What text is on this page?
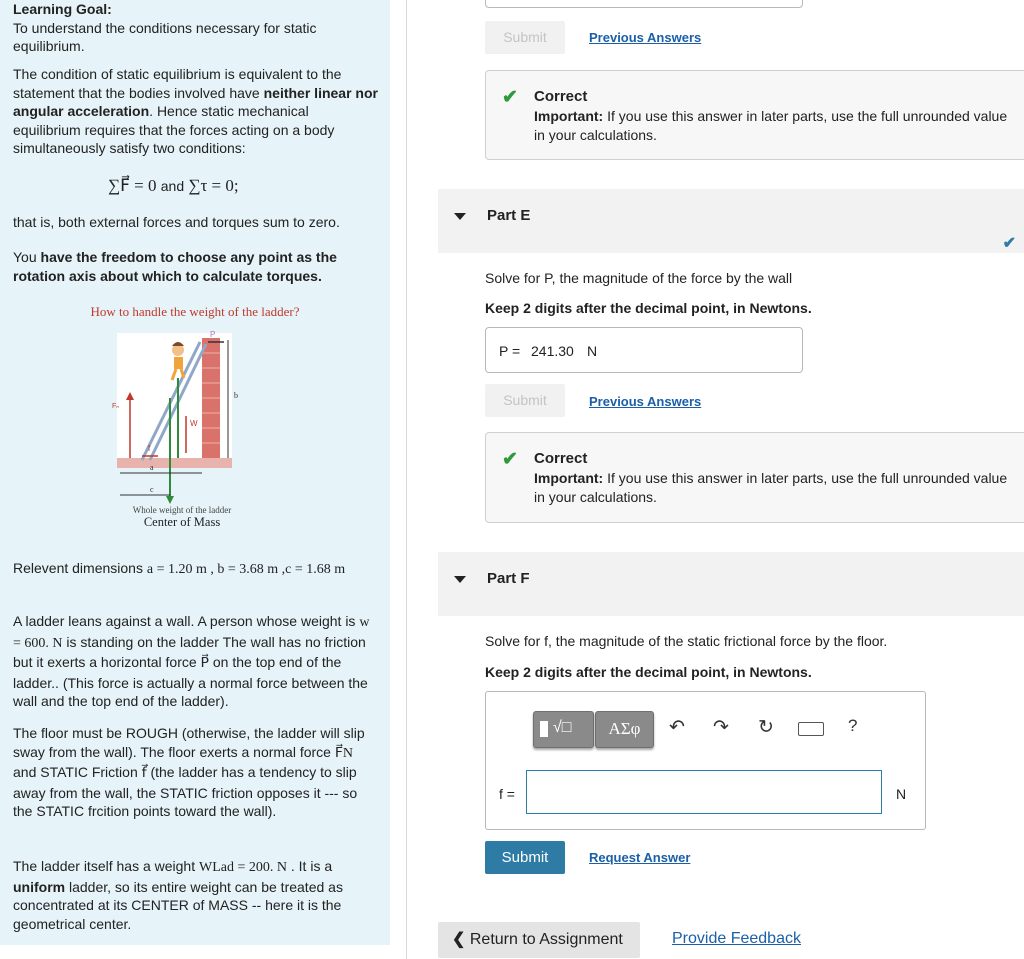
Learning Goal:
To understand the conditions necessary for static equilibrium.
The condition of static equilibrium is equivalent to the statement that the bodies involved have neither linear nor angular acceleration. Hence static mechanical equilibrium requires that the forces acting on a body simultaneously satisfy two conditions:
∑F⃗ = 0 and ∑τ = 0;
that is, both external forces and torques sum to zero.
You have the freedom to choose any point as the rotation axis about which to calculate torques.
How to handle the weight of the ladder?
P
b
Fₙ
W
f
a
c
Whole weight of the ladder
Center of Mass
Relevent dimensions a = 1.20 m , b = 3.68 m ,c = 1.68 m
A ladder leans against a wall. A person whose weight is w = 600. N is standing on the ladder The wall has no friction but it exerts a horizontal force P⃗ on the top end of the ladder.. (This force is actually a normal force between the wall and the top end of the ladder).
The floor must be ROUGH (otherwise, the ladder will slip sway from the wall). The floor exerts a normal force F⃗N and STATIC Friction f⃗ (the ladder has a tendency to slip away from the wall, the STATIC friction opposes it --- so the STATIC frcition points toward the wall).
The ladder itself has a weight WLad = 200. N . It is a uniform ladder, so its entire weight can be treated as concentrated at its CENTER of MASS -- here it is the geometrical center.
Submit	Previous Answers
✔ Correct
Important: If you use this answer in later parts, use the full unrounded value in your calculations.
Part E
✔
Solve for P, the magnitude of the force by the wall
Keep 2 digits after the decimal point, in Newtons.
P = 241.30 N
Submit	Previous Answers
✔ Correct
Important: If you use this answer in later parts, use the full unrounded value in your calculations.
Part F
Solve for f, the magnitude of the static frictional force by the floor.
Keep 2 digits after the decimal point, in Newtons.
√□	ΑΣφ	↶ ↷ ↻	?
f =	N
Submit	Request Answer
❮ Return to Assignment	Provide Feedback
